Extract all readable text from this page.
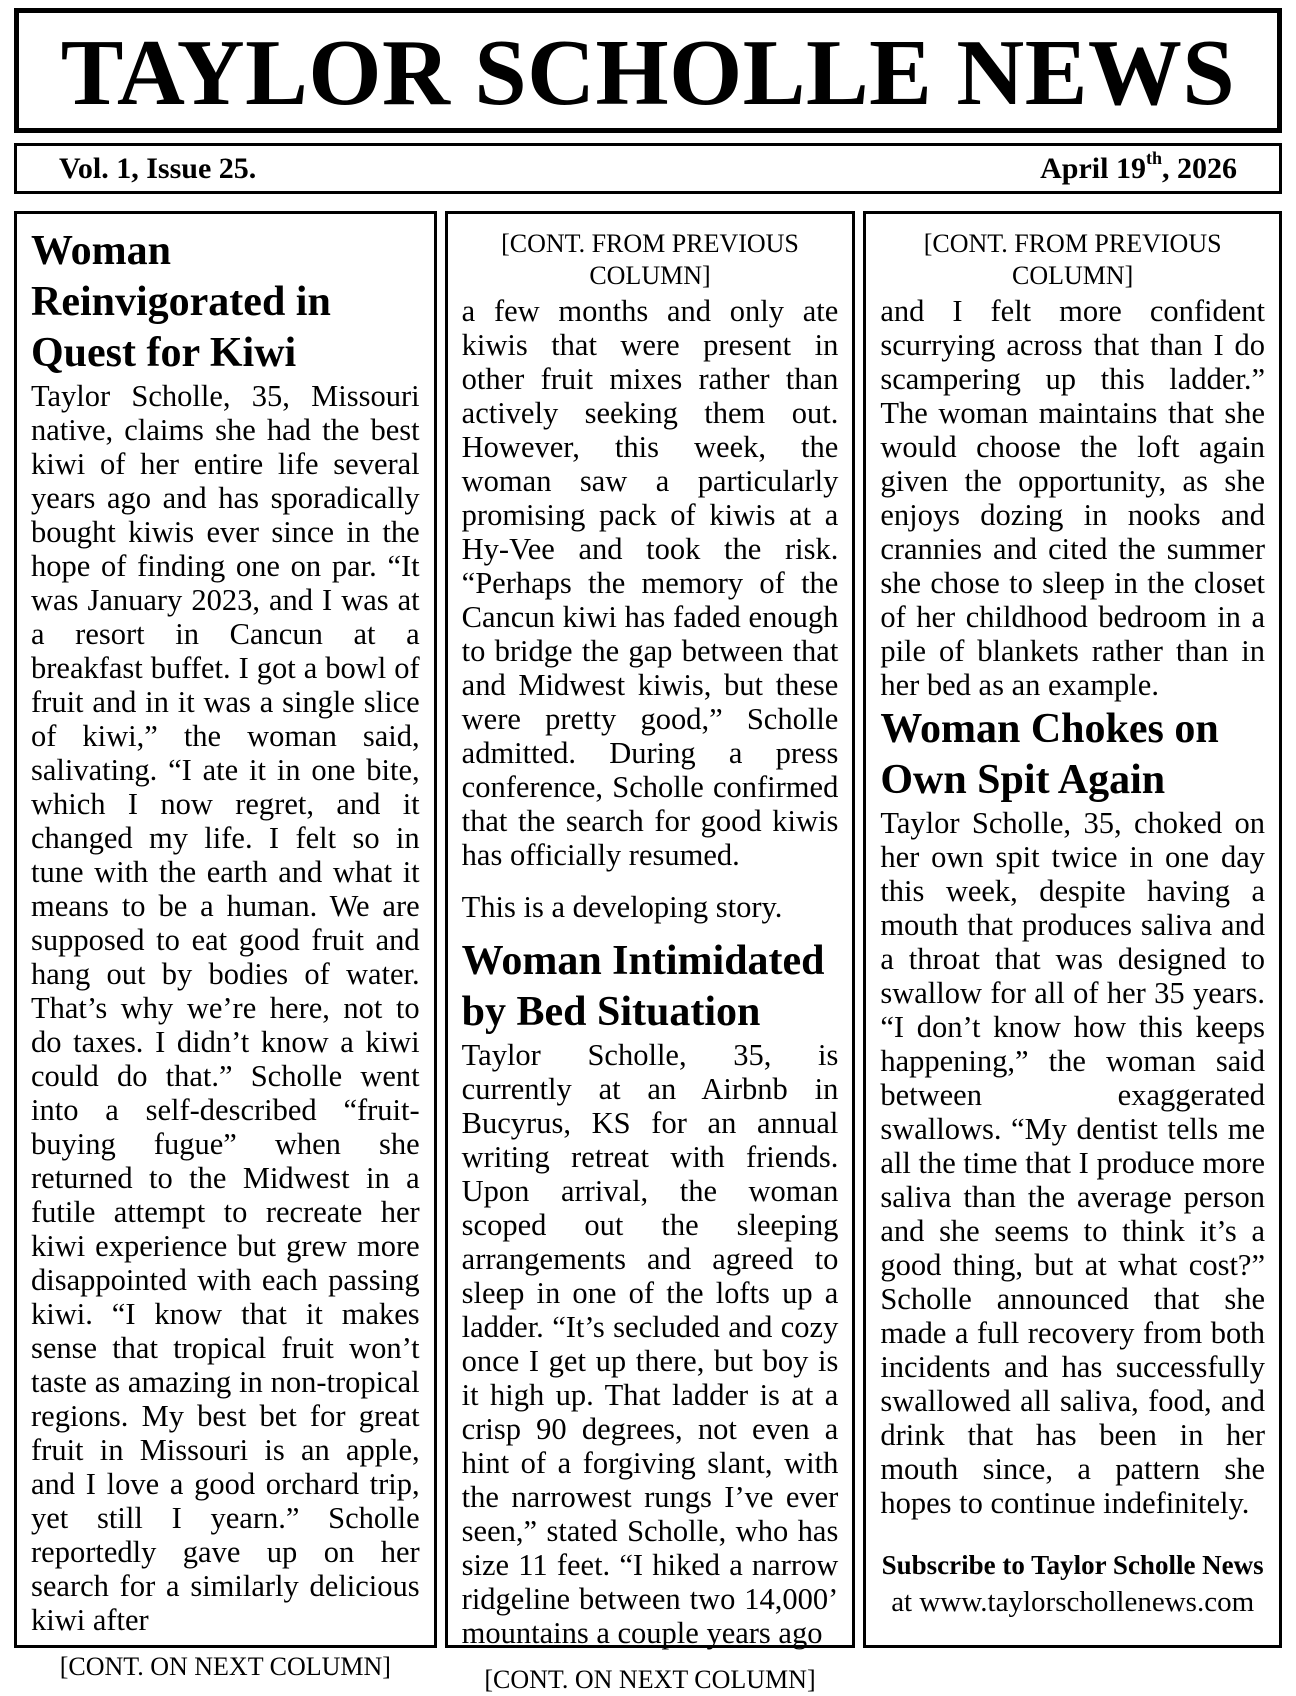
TAYLOR SCHOLLE NEWS
Vol. 1, Issue 25.	April 19th, 2026
Woman Reinvigorated in Quest for Kiwi
Taylor Scholle, 35, Missouri native, claims she had the best kiwi of her entire life several years ago and has sporadically bought kiwis ever since in the hope of finding one on par. “It was January 2023, and I was at a resort in Cancun at a breakfast buffet. I got a bowl of fruit and in it was a single slice of kiwi,” the woman said, salivating. “I ate it in one bite, which I now regret, and it changed my life. I felt so in tune with the earth and what it means to be a human. We are supposed to eat good fruit and hang out by bodies of water. That’s why we’re here, not to do taxes. I didn’t know a kiwi could do that.” Scholle went into a self-described “fruit-buying fugue” when she returned to the Midwest in a futile attempt to recreate her kiwi experience but grew more disappointed with each passing kiwi. “I know that it makes sense that tropical fruit won’t taste as amazing in non-tropical regions. My best bet for great fruit in Missouri is an apple, and I love a good orchard trip, yet still I yearn.” Scholle reportedly gave up on her search for a similarly delicious kiwi after
[CONT. ON NEXT COLUMN]
[CONT. FROM PREVIOUS COLUMN]
a few months and only ate kiwis that were present in other fruit mixes rather than actively seeking them out. However, this week, the woman saw a particularly promising pack of kiwis at a Hy-Vee and took the risk. “Perhaps the memory of the Cancun kiwi has faded enough to bridge the gap between that and Midwest kiwis, but these were pretty good,” Scholle admitted. During a press conference, Scholle confirmed that the search for good kiwis has officially resumed.
This is a developing story.
Woman Intimidated by Bed Situation
Taylor Scholle, 35, is currently at an Airbnb in Bucyrus, KS for an annual writing retreat with friends. Upon arrival, the woman scoped out the sleeping arrangements and agreed to sleep in one of the lofts up a ladder. “It’s secluded and cozy once I get up there, but boy is it high up. That ladder is at a crisp 90 degrees, not even a hint of a forgiving slant, with the narrowest rungs I’ve ever seen,” stated Scholle, who has size 11 feet. “I hiked a narrow ridgeline between two 14,000’ mountains a couple years ago
[CONT. ON NEXT COLUMN]
[CONT. FROM PREVIOUS COLUMN]
and I felt more confident scurrying across that than I do scampering up this ladder.” The woman maintains that she would choose the loft again given the opportunity, as she enjoys dozing in nooks and crannies and cited the summer she chose to sleep in the closet of her childhood bedroom in a pile of blankets rather than in her bed as an example.
Woman Chokes on Own Spit Again
Taylor Scholle, 35, choked on her own spit twice in one day this week, despite having a mouth that produces saliva and a throat that was designed to swallow for all of her 35 years. “I don’t know how this keeps happening,” the woman said between exaggerated swallows. “My dentist tells me all the time that I produce more saliva than the average person and she seems to think it’s a good thing, but at what cost?” Scholle announced that she made a full recovery from both incidents and has successfully swallowed all saliva, food, and drink that has been in her mouth since, a pattern she hopes to continue indefinitely.
Subscribe to Taylor Scholle News
at www.taylorschollenews.com
